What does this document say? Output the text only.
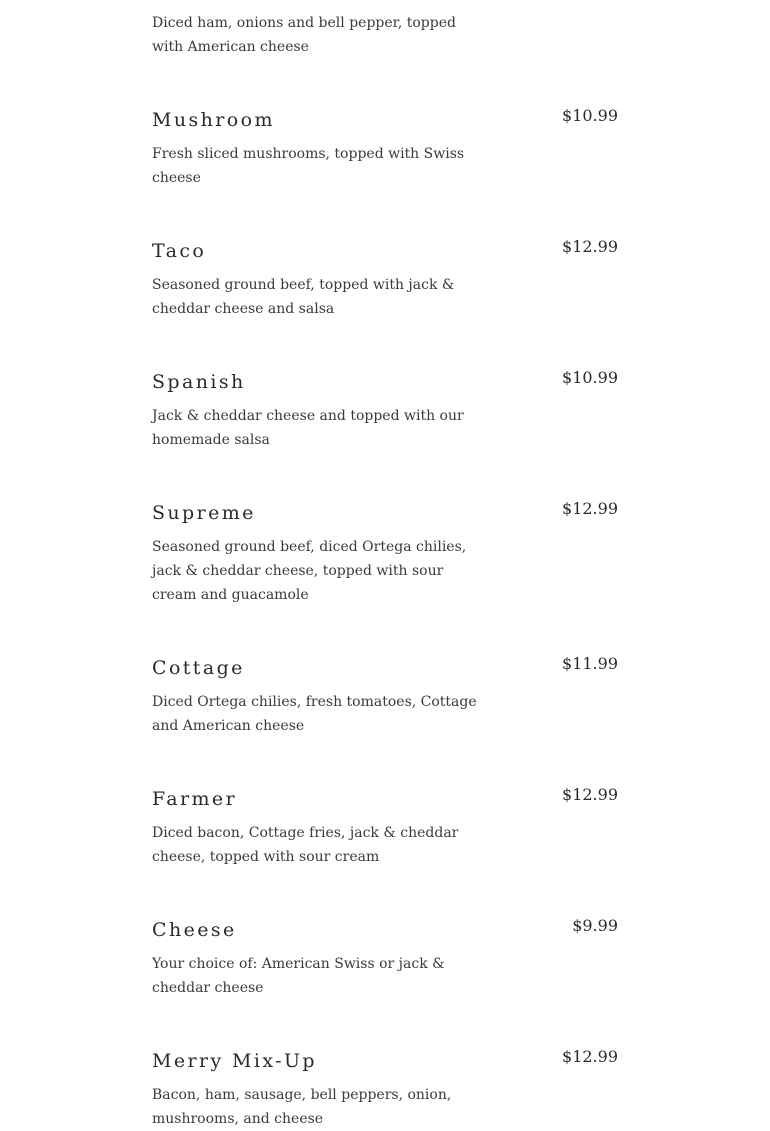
Diced ham, onions and bell pepper, topped with American cheese
Mushroom	$10.99
Fresh sliced mushrooms, topped with Swiss cheese
Taco	$12.99
Seasoned ground beef, topped with jack & cheddar cheese and salsa
Spanish	$10.99
Jack & cheddar cheese and topped with our homemade salsa
Supreme	$12.99
Seasoned ground beef, diced Ortega chilies, jack & cheddar cheese, topped with sour cream and guacamole
Cottage	$11.99
Diced Ortega chilies, fresh tomatoes, Cottage and American cheese
Farmer	$12.99
Diced bacon, Cottage fries, jack & cheddar cheese, topped with sour cream
Cheese	$9.99
Your choice of: American Swiss or jack & cheddar cheese
Merry Mix-Up	$12.99
Bacon, ham, sausage, bell peppers, onion, mushrooms, and cheese
